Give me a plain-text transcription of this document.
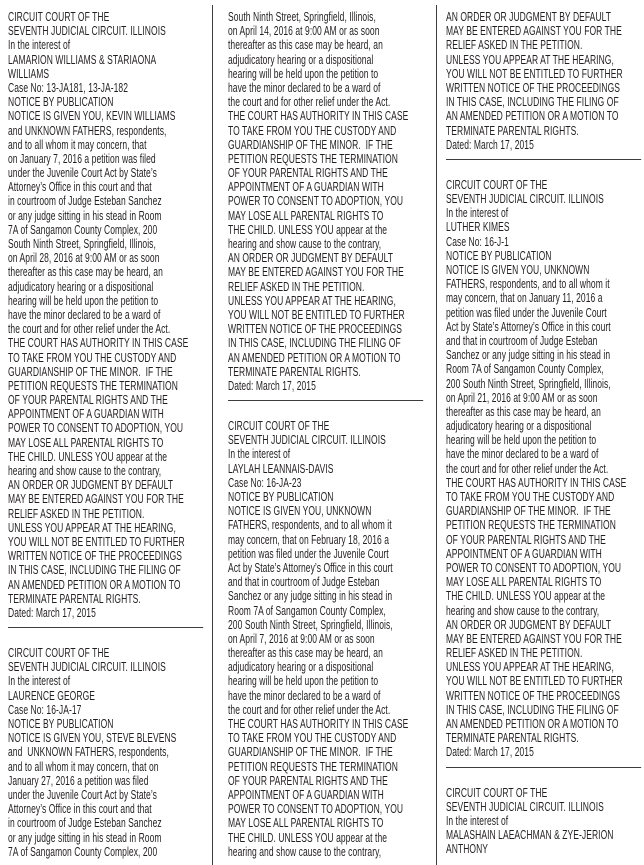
CIRCUIT COURT OF THE
SEVENTH JUDICIAL CIRCUIT. ILLINOIS
In the interest of
LAMARION WILLIAMS & STARIAONA
WILLIAMS
Case No: 13-JA181, 13-JA-182
NOTICE BY PUBLICATION
NOTICE IS GIVEN YOU, KEVIN WILLIAMS
and UNKNOWN FATHERS, respondents,
and to all whom it may concern, that
on January 7, 2016 a petition was filed
under the Juvenile Court Act by State’s
Attorney’s Office in this court and that
in courtroom of Judge Esteban Sanchez
or any judge sitting in his stead in Room
7A of Sangamon County Complex, 200
South Ninth Street, Springfield, Illinois,
on April 28, 2016 at 9:00 AM or as soon
thereafter as this case may be heard, an
adjudicatory hearing or a dispositional
hearing will be held upon the petition to
have the minor declared to be a ward of
the court and for other relief under the Act.
THE COURT HAS AUTHORITY IN THIS CASE
TO TAKE FROM YOU THE CUSTODY AND
GUARDIANSHIP OF THE MINOR.  IF THE
PETITION REQUESTS THE TERMINATION
OF YOUR PARENTAL RIGHTS AND THE
APPOINTMENT OF A GUARDIAN WITH
POWER TO CONSENT TO ADOPTION, YOU
MAY LOSE ALL PARENTAL RIGHTS TO
THE CHILD. UNLESS YOU appear at the
hearing and show cause to the contrary,
AN ORDER OR JUDGMENT BY DEFAULT
MAY BE ENTERED AGAINST YOU FOR THE
RELIEF ASKED IN THE PETITION.
UNLESS YOU APPEAR AT THE HEARING,
YOU WILL NOT BE ENTITLED TO FURTHER
WRITTEN NOTICE OF THE PROCEEDINGS
IN THIS CASE, INCLUDING THE FILING OF
AN AMENDED PETITION OR A MOTION TO
TERMINATE PARENTAL RIGHTS.
Dated: March 17, 2015
CIRCUIT COURT OF THE
SEVENTH JUDICIAL CIRCUIT. ILLINOIS
In the interest of
LAURENCE GEORGE
Case No: 16-JA-17
NOTICE BY PUBLICATION
NOTICE IS GIVEN YOU, STEVE BLEVENS
and  UNKNOWN FATHERS, respondents,
and to all whom it may concern, that on
January 27, 2016 a petition was filed
under the Juvenile Court Act by State’s
Attorney’s Office in this court and that
in courtroom of Judge Esteban Sanchez
or any judge sitting in his stead in Room
7A of Sangamon County Complex, 200
South Ninth Street, Springfield, Illinois,
on April 14, 2016 at 9:00 AM or as soon
thereafter as this case may be heard, an
adjudicatory hearing or a dispositional
hearing will be held upon the petition to
have the minor declared to be a ward of
the court and for other relief under the Act.
THE COURT HAS AUTHORITY IN THIS CASE
TO TAKE FROM YOU THE CUSTODY AND
GUARDIANSHIP OF THE MINOR.  IF THE
PETITION REQUESTS THE TERMINATION
OF YOUR PARENTAL RIGHTS AND THE
APPOINTMENT OF A GUARDIAN WITH
POWER TO CONSENT TO ADOPTION, YOU
MAY LOSE ALL PARENTAL RIGHTS TO
THE CHILD. UNLESS YOU appear at the
hearing and show cause to the contrary,
AN ORDER OR JUDGMENT BY DEFAULT
MAY BE ENTERED AGAINST YOU FOR THE
RELIEF ASKED IN THE PETITION.
UNLESS YOU APPEAR AT THE HEARING,
YOU WILL NOT BE ENTITLED TO FURTHER
WRITTEN NOTICE OF THE PROCEEDINGS
IN THIS CASE, INCLUDING THE FILING OF
AN AMENDED PETITION OR A MOTION TO
TERMINATE PARENTAL RIGHTS.
Dated: March 17, 2015
CIRCUIT COURT OF THE
SEVENTH JUDICIAL CIRCUIT. ILLINOIS
In the interest of
LAYLAH LEANNAIS-DAVIS
Case No: 16-JA-23
NOTICE BY PUBLICATION
NOTICE IS GIVEN YOU, UNKNOWN
FATHERS, respondents, and to all whom it
may concern, that on February 18, 2016 a
petition was filed under the Juvenile Court
Act by State’s Attorney’s Office in this court
and that in courtroom of Judge Esteban
Sanchez or any judge sitting in his stead in
Room 7A of Sangamon County Complex,
200 South Ninth Street, Springfield, Illinois,
on April 7, 2016 at 9:00 AM or as soon
thereafter as this case may be heard, an
adjudicatory hearing or a dispositional
hearing will be held upon the petition to
have the minor declared to be a ward of
the court and for other relief under the Act.
THE COURT HAS AUTHORITY IN THIS CASE
TO TAKE FROM YOU THE CUSTODY AND
GUARDIANSHIP OF THE MINOR.  IF THE
PETITION REQUESTS THE TERMINATION
OF YOUR PARENTAL RIGHTS AND THE
APPOINTMENT OF A GUARDIAN WITH
POWER TO CONSENT TO ADOPTION, YOU
MAY LOSE ALL PARENTAL RIGHTS TO
THE CHILD. UNLESS YOU appear at the
hearing and show cause to the contrary,
AN ORDER OR JUDGMENT BY DEFAULT
MAY BE ENTERED AGAINST YOU FOR THE
RELIEF ASKED IN THE PETITION.
UNLESS YOU APPEAR AT THE HEARING,
YOU WILL NOT BE ENTITLED TO FURTHER
WRITTEN NOTICE OF THE PROCEEDINGS
IN THIS CASE, INCLUDING THE FILING OF
AN AMENDED PETITION OR A MOTION TO
TERMINATE PARENTAL RIGHTS.
Dated: March 17, 2015
CIRCUIT COURT OF THE
SEVENTH JUDICIAL CIRCUIT. ILLINOIS
In the interest of
LUTHER KIMES
Case No: 16-J-1
NOTICE BY PUBLICATION
NOTICE IS GIVEN YOU, UNKNOWN
FATHERS, respondents, and to all whom it
may concern, that on January 11, 2016 a
petition was filed under the Juvenile Court
Act by State’s Attorney’s Office in this court
and that in courtroom of Judge Esteban
Sanchez or any judge sitting in his stead in
Room 7A of Sangamon County Complex,
200 South Ninth Street, Springfield, Illinois,
on April 21, 2016 at 9:00 AM or as soon
thereafter as this case may be heard, an
adjudicatory hearing or a dispositional
hearing will be held upon the petition to
have the minor declared to be a ward of
the court and for other relief under the Act.
THE COURT HAS AUTHORITY IN THIS CASE
TO TAKE FROM YOU THE CUSTODY AND
GUARDIANSHIP OF THE MINOR.  IF THE
PETITION REQUESTS THE TERMINATION
OF YOUR PARENTAL RIGHTS AND THE
APPOINTMENT OF A GUARDIAN WITH
POWER TO CONSENT TO ADOPTION, YOU
MAY LOSE ALL PARENTAL RIGHTS TO
THE CHILD. UNLESS YOU appear at the
hearing and show cause to the contrary,
AN ORDER OR JUDGMENT BY DEFAULT
MAY BE ENTERED AGAINST YOU FOR THE
RELIEF ASKED IN THE PETITION.
UNLESS YOU APPEAR AT THE HEARING,
YOU WILL NOT BE ENTITLED TO FURTHER
WRITTEN NOTICE OF THE PROCEEDINGS
IN THIS CASE, INCLUDING THE FILING OF
AN AMENDED PETITION OR A MOTION TO
TERMINATE PARENTAL RIGHTS.
Dated: March 17, 2015
CIRCUIT COURT OF THE
SEVENTH JUDICIAL CIRCUIT. ILLINOIS
In the interest of
MALASHAIN LAEACHMAN & ZYE-JERION
ANTHONY
